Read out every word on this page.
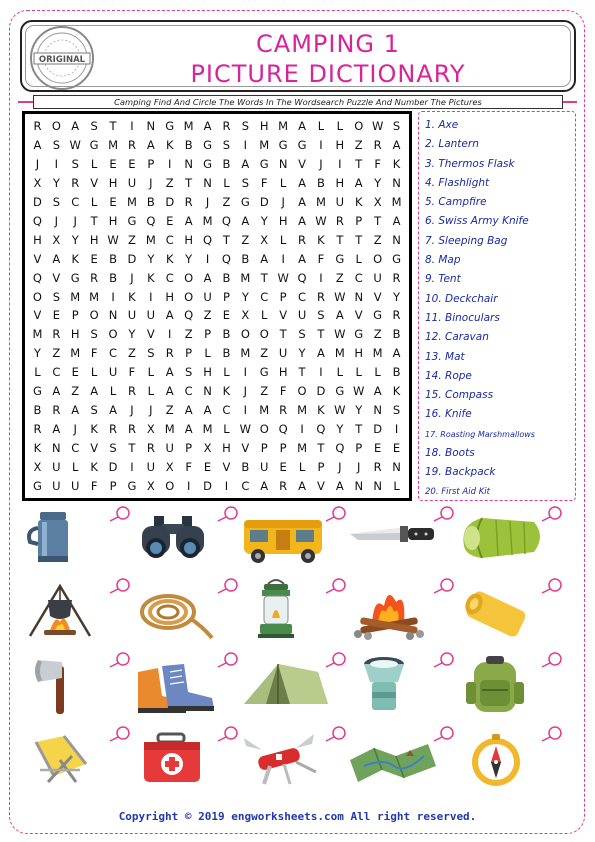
CAMPING 1
PICTURE DICTIONARY
ORIGINAL
Camping Find And Circle The Words In The Wordsearch Puzzle And Number The Pictures
R O A S	T	I	N G M A R S H M A	L	L O W S
A S W G M R A K B G S	I	M G G	I	H Z R A
J	I	S	L	E	E	P	I	N G B A G N V	J	I	T	F	K
X Y R V H U	J	Z T N L	S	F	L	A B H A Y N
D S C	L	E M B D R	J	Z G D	J	A M U K X M
Q	J	J	T H G Q E A M Q A Y H A W R P	T A
H X Y H W Z M C H Q T Z X	L	R K	T	T Z N
V A K E B D Y	K	Y	I	Q B A	I	A	F G L O G
Q V G R B	J	K C O A B M T W Q	I	Z C U R
O S M M	I	K	I	H O U P	Y C P C R W N V Y
V E	P O N U U A Q Z E X	L	V U S A V G R
M R H S O Y V	I	Z P B O O T	S	T W G Z B
Y Z M F	C Z S R P	L	B M Z U Y A M H M A
L	C E	L U F	L	A S H L	I	G H T	I	L	L	L	B
G A Z A	L	R	L	A C N K	J	Z	F O D G W A K
B R A S A	J	J	Z A A C	I	M R M K W Y N S
R A	J	K R R X M A M L W O Q	I	Q Y	T D	I
K N C V S	T R U P X H V P	P M T Q P	E	E
X U L	K D	I	U X	F	E V B U E	L	P	J	J	R N
G U U F	P G X O	I	D	I	C A R A V A N N L
1. Axe
2. Lantern
3. Thermos Flask
4. Flashlight
5. Campfire
6. Swiss Army Knife
7. Sleeping Bag
8. Map
9. Tent
10. Deckchair
11. Binoculars
12. Caravan
13. Mat
14. Rope
15. Compass
16. Knife
17. Roasting Marshmallows
18. Boots
19. Backpack
20. First Aid Kit
Copyright © 2019 engworksheets.com All right reserved.
